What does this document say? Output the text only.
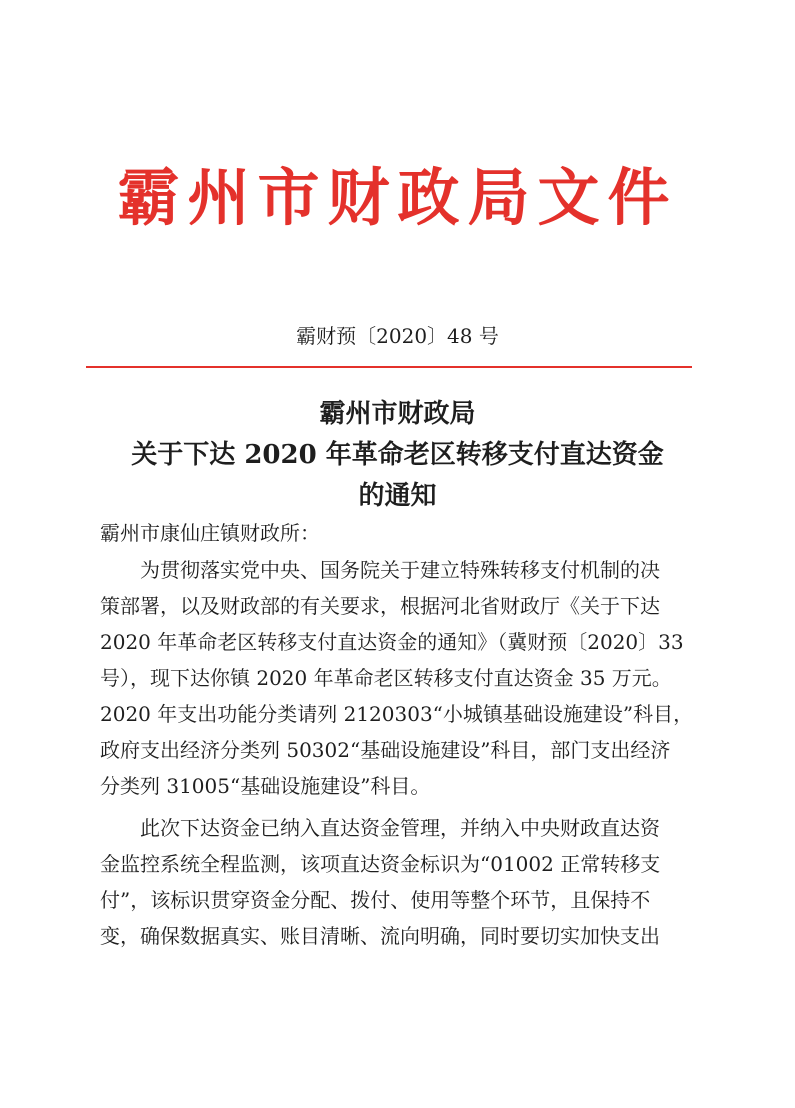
霸州市财政局文件
霸财预〔2020〕48 号
霸州市财政局
关于下达 2020 年革命老区转移支付直达资金
的通知
霸州市康仙庄镇财政所：
　　为贯彻落实党中央、国务院关于建立特殊转移支付机制的决
策部署，以及财政部的有关要求，根据河北省财政厅《关于下达
2020 年革命老区转移支付直达资金的通知》（冀财预〔2020〕33
号），现下达你镇 2020 年革命老区转移支付直达资金 35 万元。
2020 年支出功能分类请列 2120303“小城镇基础设施建设”科目，
政府支出经济分类列 50302“基础设施建设”科目，部门支出经济
分类列 31005“基础设施建设”科目。
　　此次下达资金已纳入直达资金管理，并纳入中央财政直达资
金监控系统全程监测，该项直达资金标识为“01002 正常转移支
付”，该标识贯穿资金分配、拨付、使用等整个环节，且保持不
变，确保数据真实、账目清晰、流向明确，同时要切实加快支出
